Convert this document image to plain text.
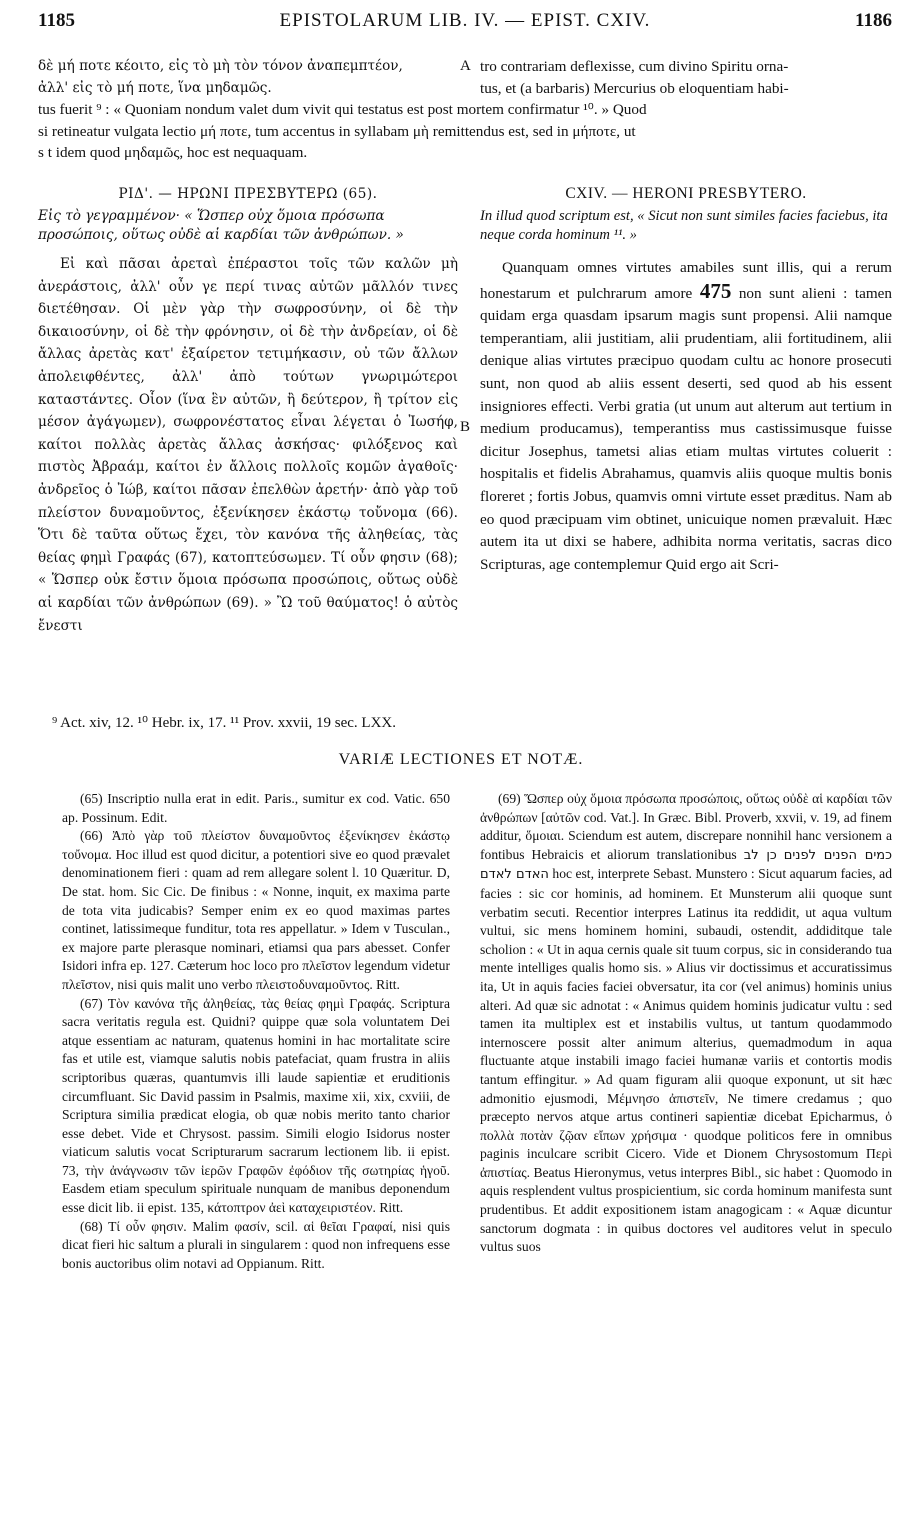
1185	EPISTOLARUM LIB. IV. — EPIST. CXIV.	1186
δὲ μή ποτε κέοιτο, εἰς τὸ μὴ τὸν τόνον ἀναπεμπτέον,
ἀλλ' εἰς τὸ μή ποτε, ἵνα μηδαμῶς.
A tro contrariam deflexisse, cum divino Spiritu orna-
tus, et (a barbaris) Mercurius ob eloquentiam habi-
tus fuerit ⁹ : « Quoniam nondum valet dum vivit qui testatus est post mortem confirmatur ¹⁰. » Quod
si retineatur vulgata lectio μή ποτε, tum accentus in syllabam μὴ remittendus est, sed in μήποτε, ut
s t idem quod μηδαμῶς, hoc est nequaquam.
ΡΙΔ'. — ΗΡΩΝΙ ΠΡΕΣΒΥΤΕΡΩ (65).
Εἰς τὸ γεγραμμένον· « Ὥσπερ οὐχ ὅμοια πρόσωπα προσώποις, οὕτως οὐδὲ αἱ καρδίαι τῶν ἀνθρώπων. »

Εἰ καὶ πᾶσαι ἀρεταὶ ἐπέραστοι τοῖς τῶν καλῶν μὴ ἀνεράστοις, ἀλλ' οὖν γε περί τινας αὐτῶν μᾶλλόν τινες διετέθησαν. Οἱ μὲν γὰρ τὴν σωφροσύνην, οἱ δὲ τὴν δικαιοσύνην, οἱ δὲ τὴν φρόνησιν, οἱ δὲ τὴν ἀνδρείαν, οἱ δὲ ἄλλας ἀρετὰς κατ' ἐξαίρετον τετιμήκασιν, οὐ τῶν ἄλλων ἀπολειφθέντες, ἀλλ' ἀπὸ τούτων γνωριμώτεροι καταστάντες. Οἷον (ἵνα ἓν αὐτῶν, ἢ δεύτερον, ἢ τρίτον εἰς μέσον ἀγάγωμεν), σωφρονέστατος εἶναι λέγεται ὁ Ἰωσήφ, καίτοι πολλὰς ἀρετὰς ἄλλας ἀσκήσας· φιλόξενος καὶ πιστὸς Ἀβραάμ, καίτοι ἐν ἄλλοις πολλοῖς κομῶν ἀγαθοῖς· ἀνδρεῖος ὁ Ἰώβ, καίτοι πᾶσαν ἐπελθὼν ἀρετήν· ἀπὸ γὰρ τοῦ πλείστον δυναμοῦντος, ἐξενίκησεν ἑκάστῳ τοὔνομα (66). Ὅτι δὲ ταῦτα οὕτως ἔχει, τὸν κανόνα τῆς ἀληθείας, τὰς θείας φημὶ Γραφάς (67), κατοπτεύσωμεν. Τί οὖν φησιν (68); « Ὥσπερ οὐκ ἔστιν ὅμοια πρόσωπα προσώποις, οὕτως οὐδὲ αἱ καρδίαι τῶν ἀνθρώπων (69). » Ὢ τοῦ θαύματος! ὁ αὐτὸς ἔνεστι

B
CXIV. — HERONI PRESBYTERO.
In illud quod scriptum est, « Sicut non sunt similes facies faciebus, ita neque corda hominum ¹¹. »

Quanquam omnes virtutes amabiles sunt illis, qui a rerum honestarum et pulchrarum amore 475 non sunt alieni : tamen quidam erga quasdam ipsarum magis sunt propensi. Alii namque temperantiam, alii justitiam, alii prudentiam, alii fortitudinem, alii denique alias virtutes præcipuo quodam cultu ac honore prosecuti sunt, non quod ab aliis essent deserti, sed quod ab his essent insigniores effecti. Verbi gratia (ut unum aut alterum aut tertium in medium producamus), temperantiss mus castissimusque fuisse dicitur Josephus, tametsi alias etiam multas virtutes coluerit : hospitalis et fidelis Abrahamus, quamvis aliis quoque multis bonis floreret ; fortis Jobus, quamvis omni virtute esset præditus. Nam ab eo quod præcipuam vim obtinet, unicuique nomen prævaluit. Hæc autem ita ut dixi se habere, adhibita norma veritatis, sacras dico Scripturas, age contemplemur Quid ergo ait Scri-

⁹ Act. xiv, 12. ¹⁰ Hebr. ix, 17. ¹¹ Prov. xxvii, 19 sec. LXX.
VARIÆ LECTIONES ET NOTÆ.

(65) Inscriptio nulla erat in edit. Paris., sumitur ex cod. Vatic. 650 ap. Possinum. Edit.

(66) Ἀπὸ γὰρ τοῦ πλείστον δυναμοῦντος ἐξενίκησεν ἑκάστῳ τοὔνομα. Hoc illud est quod dicitur, a potentiori sive eo quod prævalet denominationem fieri : quam ad rem allegare solent l. 10 Quæritur. D, De stat. hom. Sic Cic. De finibus : « Nonne, inquit, ex maxima parte de tota vita judicabis? Semper enim ex eo quod maximas partes continet, latissimeque funditur, tota res appellatur. » Idem v Tusculan., ex majore parte plerasque nominari, etiamsi qua pars abesset. Confer Isidori infra ep. 127. Cæterum hoc loco pro πλεῖστον legendum videtur πλεῖστον, nisi quis malit uno verbo πλειστοδυναμοῦντος. Ritt.

(67) Τὸν κανόνα τῆς ἀληθείας, τὰς θείας φημὶ Γραφάς. Scriptura sacra veritatis regula est. Quidni? quippe quæ sola voluntatem Dei atque essentiam ac naturam, quatenus homini in hac mortalitate scire fas et utile est, viamque salutis nobis patefaciat, quam frustra in aliis scriptoribus quæras, quantumvis illi laude sapientiæ et eruditionis circumfluant. Sic David passim in Psalmis, maxime xii, xix, cxviii, de Scriptura similia prædicat elogia, ob quæ nobis merito tanto charior esse debet. Vide et Chrysost. passim. Simili elogio Isidorus noster viaticum salutis vocat Scripturarum sacrarum lectionem lib. ii epist. 73, τὴν ἀνάγνωσιν τῶν ἱερῶν Γραφῶν ἐφόδιον τῆς σωτηρίας ἡγοῦ. Easdem etiam speculum spirituale nunquam de manibus deponendum esse dicit lib. ii epist. 135, κάτοπτρον ἀεὶ καταχειριστέον. Ritt.

(68) Τί οὖν φησιν. Malim φασίν, scil. αἱ θεῖαι Γραφαί, nisi quis dicat fieri hic saltum a plurali in singularem : quod non infrequens esse bonis auctoribus olim notavi ad Oppianum. Ritt.

(69) Ὥσπερ οὐχ ὅμοια πρόσωπα προσώποις, οὕτως οὐδὲ αἱ καρδίαι τῶν ἀνθρώπων [αὐτῶν cod. Vat.]. In Græc. Bibl. Proverb, xxvii, v. 19, ad finem additur, ὅμοιαι. Sciendum est autem, discrepare nonnihil hanc versionem a fontibus Hebraicis et aliorum translationibus	כמים הפנים לפנים כן לב האדם לאדם hoc est, interprete Sebast. Munstero : Sicut aquarum facies, ad facies : sic cor hominis, ad hominem. Et Munsterum alii quoque sunt verbatim secuti. Recentior interpres Latinus ita reddidit, ut aqua vultum vultui, sic mens hominem homini, subaudi, ostendit, addiditque tale scholion : « Ut in aqua cernis quale sit tuum corpus, sic in considerando tua mente intelliges qualis homo sis. » Alius vir doctissimus et accuratissimus ita, Ut in aquis facies faciei obversatur, ita cor (vel animus) hominis unius alteri. Ad quæ sic adnotat : « Animus quidem hominis judicatur vultu : sed tamen ita multiplex est et instabilis vultus, ut tantum quodammodo internoscere possit alter animum alterius, quemadmodum in aqua fluctuante atque instabili imago faciei humanæ variis et contortis modis tantum effingitur. » Ad quam figuram alii quoque exponunt, ut sit hæc admonitio ejusmodi, Μέμνησο ἀπιστεῖν, Ne timere credamus ; quo præcepto nervos atque artus contineri sapientiæ dicebat Epicharmus, ὁ πολλὰ ποτὰν ζῷαν εἴπων χρήσιμα · quodque politicos fere in omnibus paginis inculcare scribit Cicero. Vide et Dionem Chrysostomum Περὶ ἀπιστίας. Beatus Hieronymus, vetus interpres Bibl., sic habet : Quomodo in aquis resplendent vultus prospicientium, sic corda hominum manifesta sunt prudentibus. Et addit expositionem istam anagogicam : « Aquæ dicuntur sanctorum dogmata : in quibus doctores vel auditores velut in speculo vultus suos
